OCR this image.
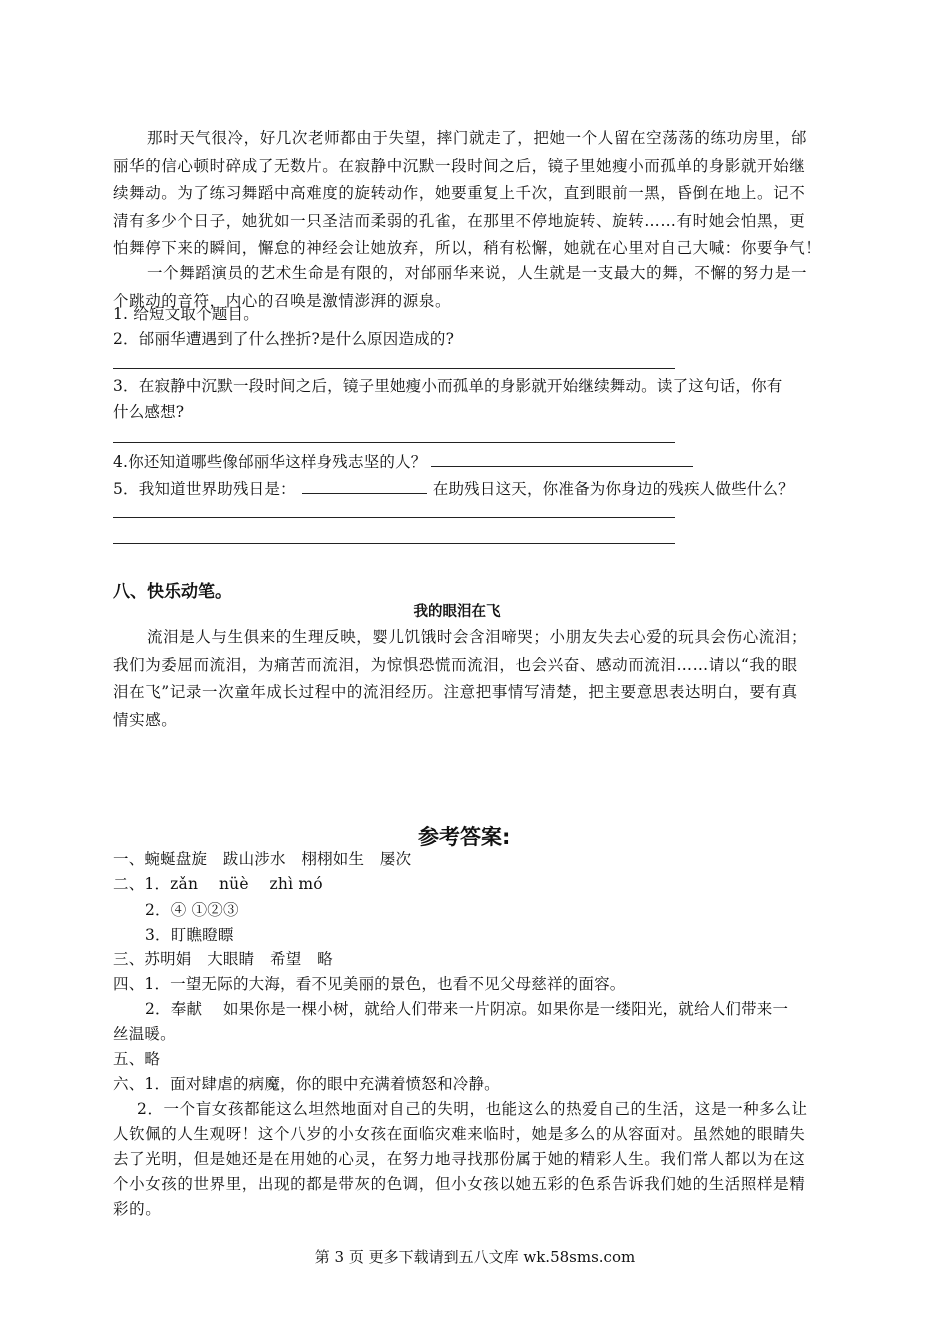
那时天气很冷，好几次老师都由于失望，摔门就走了，把她一个人留在空荡荡的练功房里，邰

丽华的信心顿时碎成了无数片。在寂静中沉默一段时间之后，镜子里她瘦小而孤单的身影就开始继

续舞动。为了练习舞蹈中高难度的旋转动作，她要重复上千次，直到眼前一黑，昏倒在地上。记不

清有多少个日子，她犹如一只圣洁而柔弱的孔雀，在那里不停地旋转、旋转……有时她会怕黑，更

怕舞停下来的瞬间，懈怠的神经会让她放弃，所以，稍有松懈，她就在心里对自己大喊：你要争气！

一个舞蹈演员的艺术生命是有限的，对邰丽华来说，人生就是一支最大的舞，不懈的努力是一

个跳动的音符，内心的召唤是激情澎湃的源泉。

1. 给短文取个题目。
2．邰丽华遭遇到了什么挫折?是什么原因造成的?
3．在寂静中沉默一段时间之后，镜子里她瘦小而孤单的身影就开始继续舞动。读了这句话，你有
什么感想?
4.你还知道哪些像邰丽华这样身残志坚的人？
5．我知道世界助残日是：	在助残日这天，你准备为你身边的残疾人做些什么？
八、快乐动笔。
我的眼泪在飞

流泪是人与生俱来的生理反映，婴儿饥饿时会含泪啼哭；小朋友失去心爱的玩具会伤心流泪；

我们为委屈而流泪，为痛苦而流泪，为惊惧恐慌而流泪，也会兴奋、感动而流泪……请以“我的眼

泪在飞”记录一次童年成长过程中的流泪经历。注意把事情写清楚，把主要意思表达明白，要有真

情实感。

参考答案:
一、蜿蜒盘旋　跋山涉水　栩栩如生　屡次
二、1．zǎn　 nüè　 zhì mó
2．④ ①②③
3．盯瞧瞪瞟
三、苏明娟　大眼睛　希望　略
四、1．一望无际的大海，看不见美丽的景色，也看不见父母慈祥的面容。
2．奉献　 如果你是一棵小树，就给人们带来一片阴凉。如果你是一缕阳光，就给人们带来一
丝温暖。
五、略
六、1．面对肆虐的病魔，你的眼中充满着愤怒和冷静。

2．一个盲女孩都能这么坦然地面对自己的失明，也能这么的热爱自己的生活，这是一种多么让

人钦佩的人生观呀！这个八岁的小女孩在面临灾难来临时，她是多么的从容面对。虽然她的眼睛失

去了光明，但是她还是在用她的心灵，在努力地寻找那份属于她的精彩人生。我们常人都以为在这

个小女孩的世界里，出现的都是带灰的色调，但小女孩以她五彩的色系告诉我们她的生活照样是精

彩的。

第 3 页 更多下载请到五八文库 wk.58sms.com
